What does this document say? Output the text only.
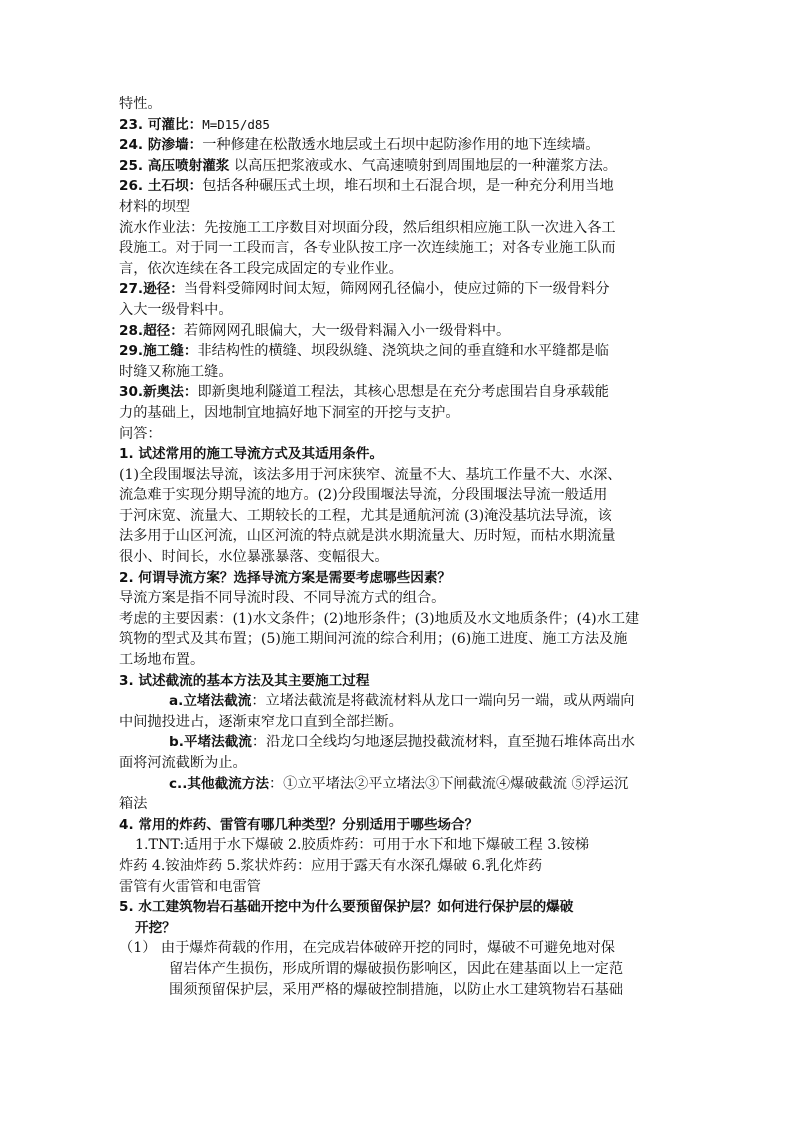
特性。
23. 可灌比：M=D15/d85
24. 防渗墙：一种修建在松散透水地层或土石坝中起防渗作用的地下连续墙。
25. 高压喷射灌浆 以高压把浆液或水、气高速喷射到周围地层的一种灌浆方法。
26. 土石坝：包括各种碾压式土坝，堆石坝和土石混合坝，是一种充分利用当地
材料的坝型
流水作业法：先按施工工序数目对坝面分段，然后组织相应施工队一次进入各工
段施工。对于同一工段而言，各专业队按工序一次连续施工；对各专业施工队而
言，依次连续在各工段完成固定的专业作业。
27.逊径：当骨料受筛网时间太短，筛网网孔径偏小，使应过筛的下一级骨料分
入大一级骨料中。
28.超径：若筛网网孔眼偏大，大一级骨料漏入小一级骨料中。
29.施工缝：非结构性的横缝、坝段纵缝、浇筑块之间的垂直缝和水平缝都是临
时缝又称施工缝。
30.新奥法：即新奥地利隧道工程法，其核心思想是在充分考虑围岩自身承载能
力的基础上，因地制宜地搞好地下洞室的开挖与支护。
问答：
1. 试述常用的施工导流方式及其适用条件。
(1)全段围堰法导流，该法多用于河床狭窄、流量不大、基坑工作量不大、水深、
流急难于实现分期导流的地方。(2)分段围堰法导流，分段围堰法导流一般适用
于河床宽、流量大、工期较长的工程，尤其是通航河流 (3)淹没基坑法导流，该
法多用于山区河流，山区河流的特点就是洪水期流量大、历时短，而枯水期流量
很小、时间长，水位暴涨暴落、变幅很大。
2. 何谓导流方案？选择导流方案是需要考虑哪些因素？
导流方案是指不同导流时段、不同导流方式的组合。
考虑的主要因素：(1)水文条件；(2)地形条件；(3)地质及水文地质条件；(4)水工建
筑物的型式及其布置；(5)施工期间河流的综合利用；(6)施工进度、施工方法及施
工场地布置。
3. 试述截流的基本方法及其主要施工过程
a.立堵法截流：立堵法截流是将截流材料从龙口一端向另一端，或从两端向
中间抛投进占，逐渐束窄龙口直到全部拦断。
b.平堵法截流：沿龙口全线均匀地逐层抛投截流材料，直至抛石堆体高出水
面将河流截断为止。
c..其他截流方法：①立平堵法②平立堵法③下闸截流④爆破截流 ⑤浮运沉
箱法
4. 常用的炸药、雷管有哪几种类型？分别适用于哪些场合？
1.TNT:适用于水下爆破 2.胶质炸药：可用于水下和地下爆破工程 3.铵梯
炸药 4.铵油炸药 5.浆状炸药：应用于露天有水深孔爆破 6.乳化炸药
雷管有火雷管和电雷管
5. 水工建筑物岩石基础开挖中为什么要预留保护层？如何进行保护层的爆破
开挖？
（1） 由于爆炸荷载的作用，在完成岩体破碎开挖的同时，爆破不可避免地对保
留岩体产生损伤，形成所谓的爆破损伤影响区，因此在建基面以上一定范
围须预留保护层，采用严格的爆破控制措施，以防止水工建筑物岩石基础
